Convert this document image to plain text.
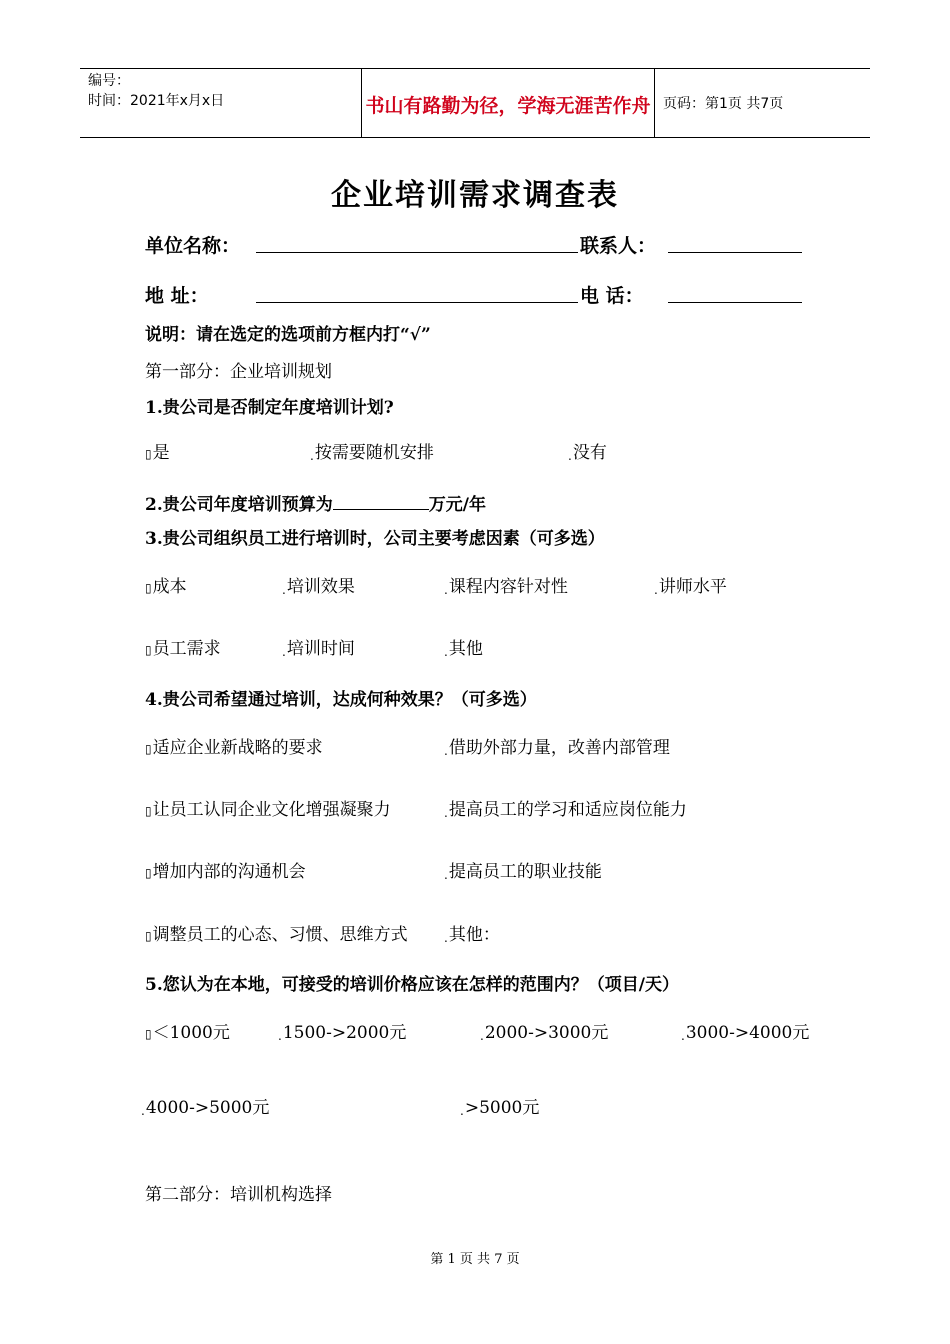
编号：
时间：2021年x月x日	书山有路勤为径，学海无涯苦作舟 页码：第1页 共7页
企业培训需求调查表
单位名称：	联系人：
地 址：	电 话：
说明：请在选定的选项前方框内打“√”
第一部分：企业培训规划
1.贵公司是否制定年度培训计划?
▯是	.按需要随机安排	.没有
2.贵公司年度培训预算为	万元/年
3.贵公司组织员工进行培训时，公司主要考虑因素（可多选）
▯成本	.培训效果	.课程内容针对性	.讲师水平
▯员工需求	.培训时间	.其他
4.贵公司希望通过培训，达成何种效果？（可多选）
▯适应企业新战略的要求	.借助外部力量，改善内部管理
▯让员工认同企业文化增强凝聚力	.提高员工的学习和适应岗位能力
▯增加内部的沟通机会	.提高员工的职业技能
▯调整员工的心态、习惯、思维方式	.其他：
5.您认为在本地，可接受的培训价格应该在怎样的范围内？（项目/天）
▯＜1000元	.1500->2000元	.2000->3000元	.3000->4000元
.4000->5000元	.>5000元
第二部分：培训机构选择
第 1 页 共 7 页
